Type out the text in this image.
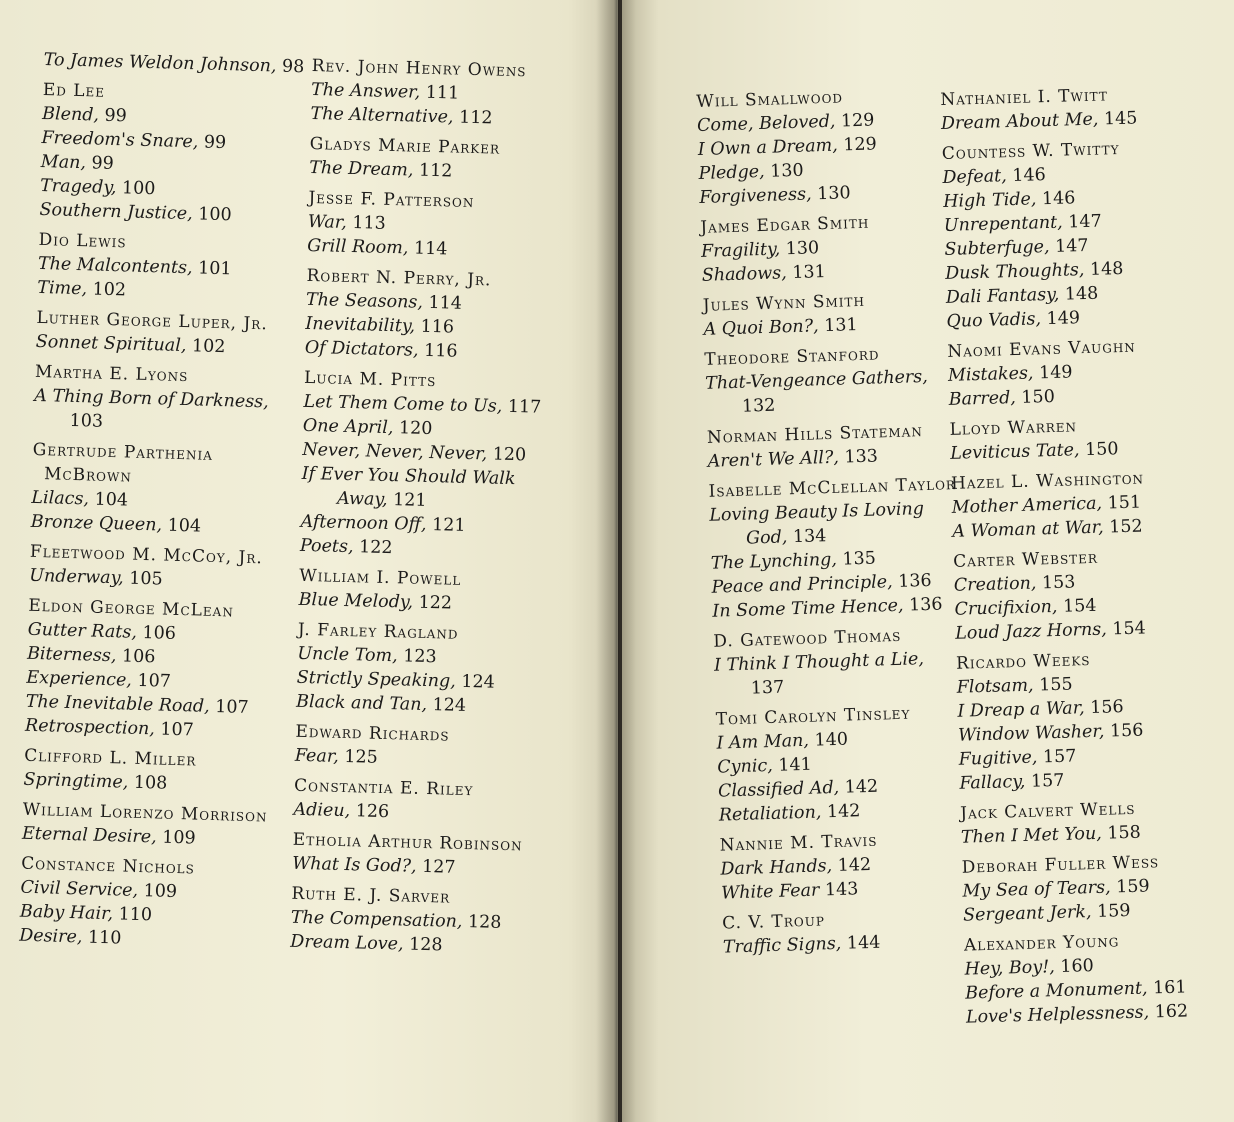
To James Weldon Johnson, 98
Ed Lee
Blend, 99
Freedom's Snare, 99
Man, 99
Tragedy, 100
Southern Justice, 100
Dio Lewis
The Malcontents, 101
Time, 102
Luther George Luper, Jr.
Sonnet Spiritual, 102
Martha E. Lyons
A Thing Born of Darkness, 103
Gertrude Parthenia McBrown
Lilacs, 104
Bronze Queen, 104
Fleetwood M. McCoy, Jr.
Underway, 105
Eldon George McLean
Gutter Rats, 106
Biterness, 106
Experience, 107
The Inevitable Road, 107
Retrospection, 107
Clifford L. Miller
Springtime, 108
William Lorenzo Morrison
Eternal Desire, 109
Constance Nichols
Civil Service, 109
Baby Hair, 110
Desire, 110
Rev. John Henry Owens
The Answer, 111
The Alternative, 112
Gladys Marie Parker
The Dream, 112
Jesse F. Patterson
War, 113
Grill Room, 114
Robert N. Perry, Jr.
The Seasons, 114
Inevitability, 116
Of Dictators, 116
Lucia M. Pitts
Let Them Come to Us, 117
One April, 120
Never, Never, Never, 120
If Ever You Should Walk Away, 121
Afternoon Off, 121
Poets, 122
William I. Powell
Blue Melody, 122
J. Farley Ragland
Uncle Tom, 123
Strictly Speaking, 124
Black and Tan, 124
Edward Richards
Fear, 125
Constantia E. Riley
Adieu, 126
Etholia Arthur Robinson
What Is God?, 127
Ruth E. J. Sarver
The Compensation, 128
Dream Love, 128
Will Smallwood
Come, Beloved, 129
I Own a Dream, 129
Pledge, 130
Forgiveness, 130
James Edgar Smith
Fragility, 130
Shadows, 131
Jules Wynn Smith
A Quoi Bon?, 131
Theodore Stanford
That-Vengeance Gathers, 132
Norman Hills Stateman
Aren't We All?, 133
Isabelle McClellan Taylor
Loving Beauty Is Loving God, 134
The Lynching, 135
Peace and Principle, 136
In Some Time Hence, 136
D. Gatewood Thomas
I Think I Thought a Lie, 137
Tomi Carolyn Tinsley
I Am Man, 140
Cynic, 141
Classified Ad, 142
Retaliation, 142
Nannie M. Travis
Dark Hands, 142
White Fear 143
C. V. Troup
Traffic Signs, 144
Nathaniel I. Twitt
Dream About Me, 145
Countess W. Twitty
Defeat, 146
High Tide, 146
Unrepentant, 147
Subterfuge, 147
Dusk Thoughts, 148
Dali Fantasy, 148
Quo Vadis, 149
Naomi Evans Vaughn
Mistakes, 149
Barred, 150
Lloyd Warren
Leviticus Tate, 150
Hazel L. Washington
Mother America, 151
A Woman at War, 152
Carter Webster
Creation, 153
Crucifixion, 154
Loud Jazz Horns, 154
Ricardo Weeks
Flotsam, 155
I Dreap a War, 156
Window Washer, 156
Fugitive, 157
Fallacy, 157
Jack Calvert Wells
Then I Met You, 158
Deborah Fuller Wess
My Sea of Tears, 159
Sergeant Jerk, 159
Alexander Young
Hey, Boy!, 160
Before a Monument, 161
Love's Helplessness, 162
